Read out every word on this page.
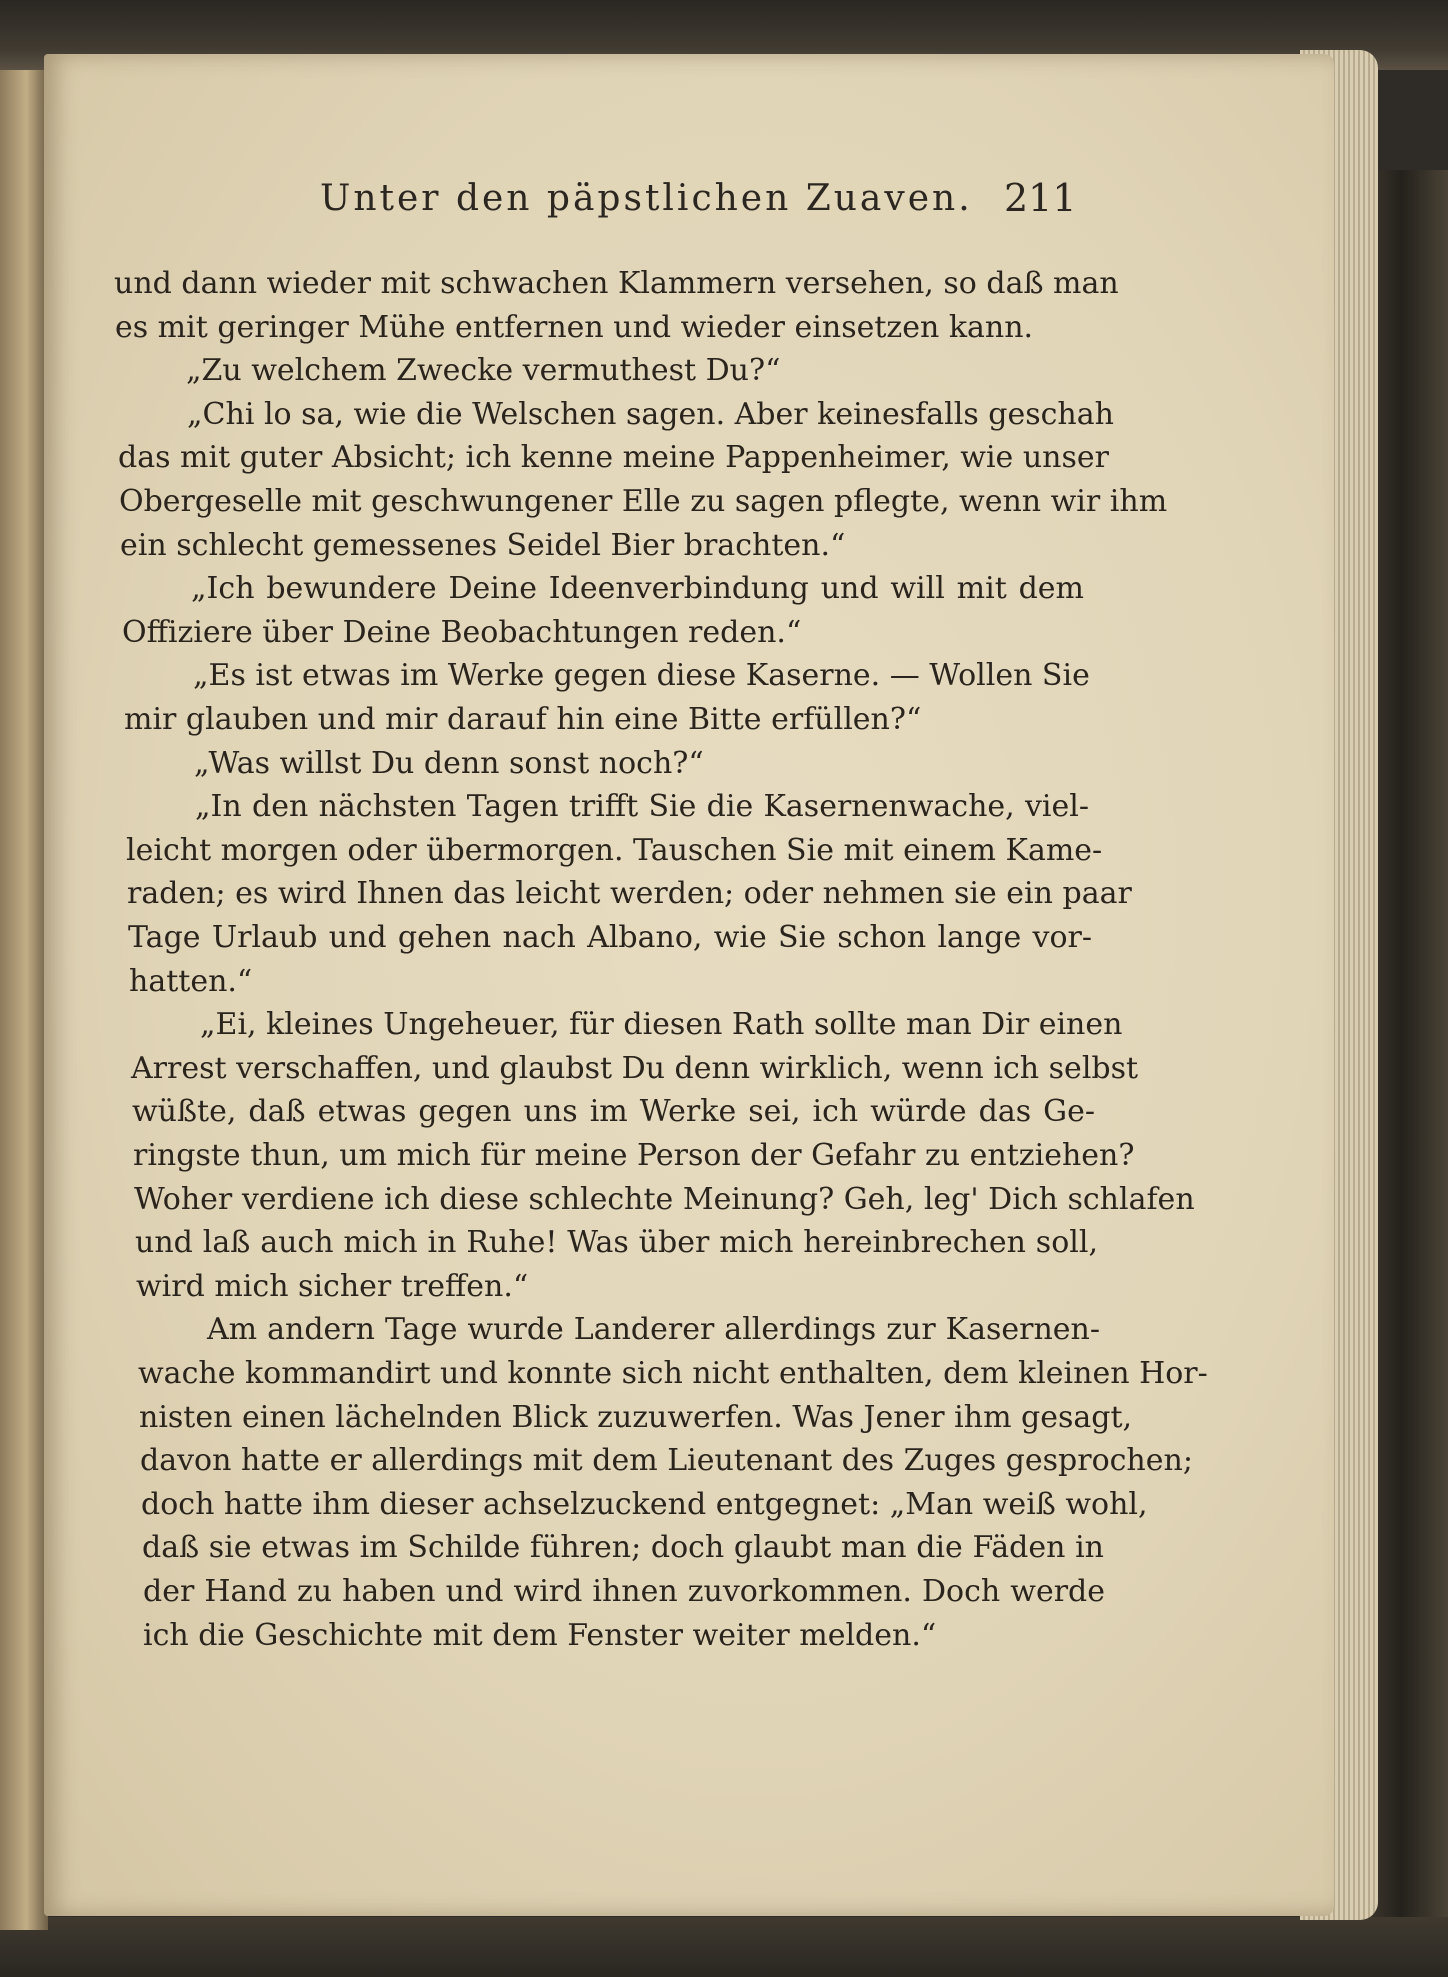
Unter den päpstlichen Zuaven. 211
und dann wieder mit schwachen Klammern versehen, so daß man
es mit geringer Mühe entfernen und wieder einsetzen kann.
„Zu welchem Zwecke vermuthest Du?“
„Chi lo sa, wie die Welschen sagen. Aber keinesfalls geschah
das mit guter Absicht; ich kenne meine Pappenheimer, wie unser
Obergeselle mit geschwungener Elle zu sagen pflegte, wenn wir ihm
ein schlecht gemessenes Seidel Bier brachten.“
„Ich bewundere Deine Ideenverbindung und will mit dem
Offiziere über Deine Beobachtungen reden.“
„Es ist etwas im Werke gegen diese Kaserne. — Wollen Sie
mir glauben und mir darauf hin eine Bitte erfüllen?“
„Was willst Du denn sonst noch?“
„In den nächsten Tagen trifft Sie die Kasernenwache, viel-
leicht morgen oder übermorgen. Tauschen Sie mit einem Kame-
raden; es wird Ihnen das leicht werden; oder nehmen sie ein paar
Tage Urlaub und gehen nach Albano, wie Sie schon lange vor-
hatten.“
„Ei, kleines Ungeheuer, für diesen Rath sollte man Dir einen
Arrest verschaffen, und glaubst Du denn wirklich, wenn ich selbst
wüßte, daß etwas gegen uns im Werke sei, ich würde das Ge-
ringste thun, um mich für meine Person der Gefahr zu entziehen?
Woher verdiene ich diese schlechte Meinung? Geh, leg' Dich schlafen
und laß auch mich in Ruhe! Was über mich hereinbrechen soll,
wird mich sicher treffen.“
Am andern Tage wurde Landerer allerdings zur Kasernen-
wache kommandirt und konnte sich nicht enthalten, dem kleinen Hor-
nisten einen lächelnden Blick zuzuwerfen. Was Jener ihm gesagt,
davon hatte er allerdings mit dem Lieutenant des Zuges gesprochen;
doch hatte ihm dieser achselzuckend entgegnet: „Man weiß wohl,
daß sie etwas im Schilde führen; doch glaubt man die Fäden in
der Hand zu haben und wird ihnen zuvorkommen. Doch werde
ich die Geschichte mit dem Fenster weiter melden.“
